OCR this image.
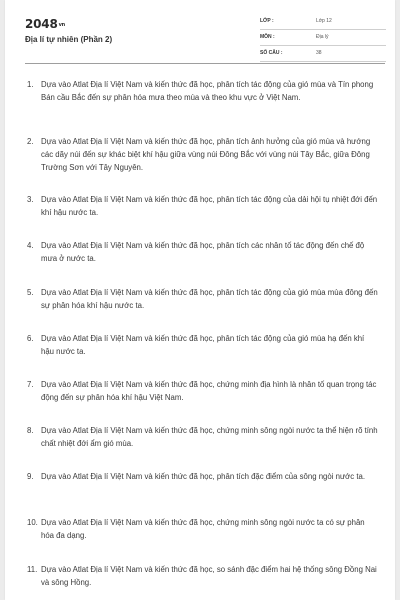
2048vn
Địa lí tự nhiên (Phần 2)
LỚP :	Lớp 12
MÔN :	Địa lý
SỐ CÂU :	38
1. Dựa vào Atlat Địa lí Việt Nam và kiến thức đã học, phân tích tác động của gió mùa và Tín phong Bán cầu Bắc đến sự phân hóa mưa theo mùa và theo khu vực ở Việt Nam.
2. Dựa vào Atlat Địa lí Việt Nam và kiến thức đã học, phân tích ảnh hưởng của gió mùa và hướng các dãy núi đến sự khác biệt khí hậu giữa vùng núi Đông Bắc với vùng núi Tây Bắc, giữa Đông Trường Sơn với Tây Nguyên.
3. Dựa vào Atlat Địa lí Việt Nam và kiến thức đã học, phân tích tác động của dải hội tụ nhiệt đới đến khí hậu nước ta.
4. Dựa vào Atlat Địa lí Việt Nam và kiến thức đã học, phân tích các nhân tố tác động đến chế độ mưa ở nước ta.
5. Dựa vào Atlat Địa lí Việt Nam và kiến thức đã học, phân tích tác động của gió mùa mùa đông đến sự phân hóa khí hậu nước ta.
6. Dựa vào Atlat Địa lí Việt Nam và kiến thức đã học, phân tích tác động của gió mùa hạ đến khí hậu nước ta.
7. Dựa vào Atlat Địa lí Việt Nam và kiến thức đã học, chứng minh địa hình là nhân tố quan trọng tác động đến sự phân hóa khí hậu Việt Nam.
8. Dựa vào Atlat Địa lí Việt Nam và kiến thức đã học, chứng minh sông ngòi nước ta thể hiện rõ tính chất nhiệt đới ẩm gió mùa.
9. Dựa vào Atlat Địa lí Việt Nam và kiến thức đã học, phân tích đặc điểm của sông ngòi nước ta.
10. Dựa vào Atlat Địa lí Việt Nam và kiến thức đã học, chứng minh sông ngòi nước ta có sự phân hóa đa dạng.
11. Dựa vào Atlat Địa lí Việt Nam và kiến thức đã học, so sánh đặc điểm hai hệ thống sông Đồng Nai và sông Hồng.
